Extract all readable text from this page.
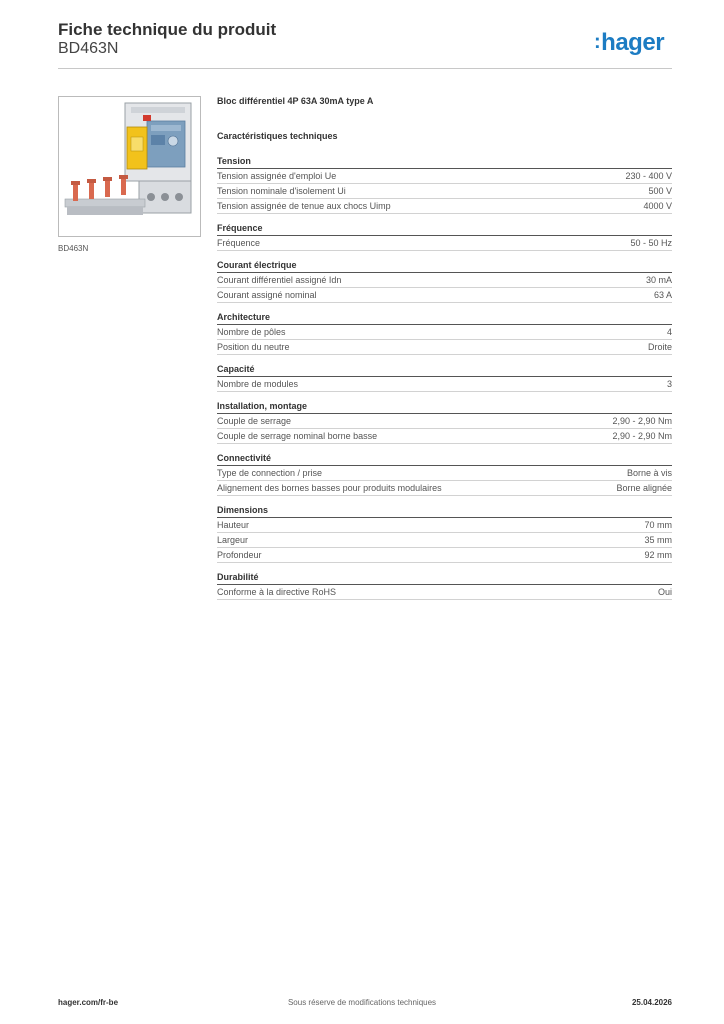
Fiche technique du produit
BD463N	:hager
BD463N
Bloc différentiel 4P 63A 30mA type A
Caractéristiques techniques
Tension
Tension assignée d'emploi Ue	230 - 400 V
Tension nominale d'isolement Ui	500 V
Tension assignée de tenue aux chocs Uimp	4000 V
Fréquence
Fréquence	50 - 50 Hz
Courant électrique
Courant différentiel assigné Idn	30 mA
Courant assigné nominal	63 A
Architecture
Nombre de pôles	4
Position du neutre	Droite
Capacité
Nombre de modules	3
Installation, montage
Couple de serrage	2,90 - 2,90 Nm
Couple de serrage nominal borne basse	2,90 - 2,90 Nm
Connectivité
Type de connection / prise	Borne à vis
Alignement des bornes basses pour produits modulaires	Borne alignée
Dimensions
Hauteur	70 mm
Largeur	35 mm
Profondeur	92 mm
Durabilité
Conforme à la directive RoHS	Oui
hager.com/fr-be	Sous réserve de modifications techniques	25.04.2026
